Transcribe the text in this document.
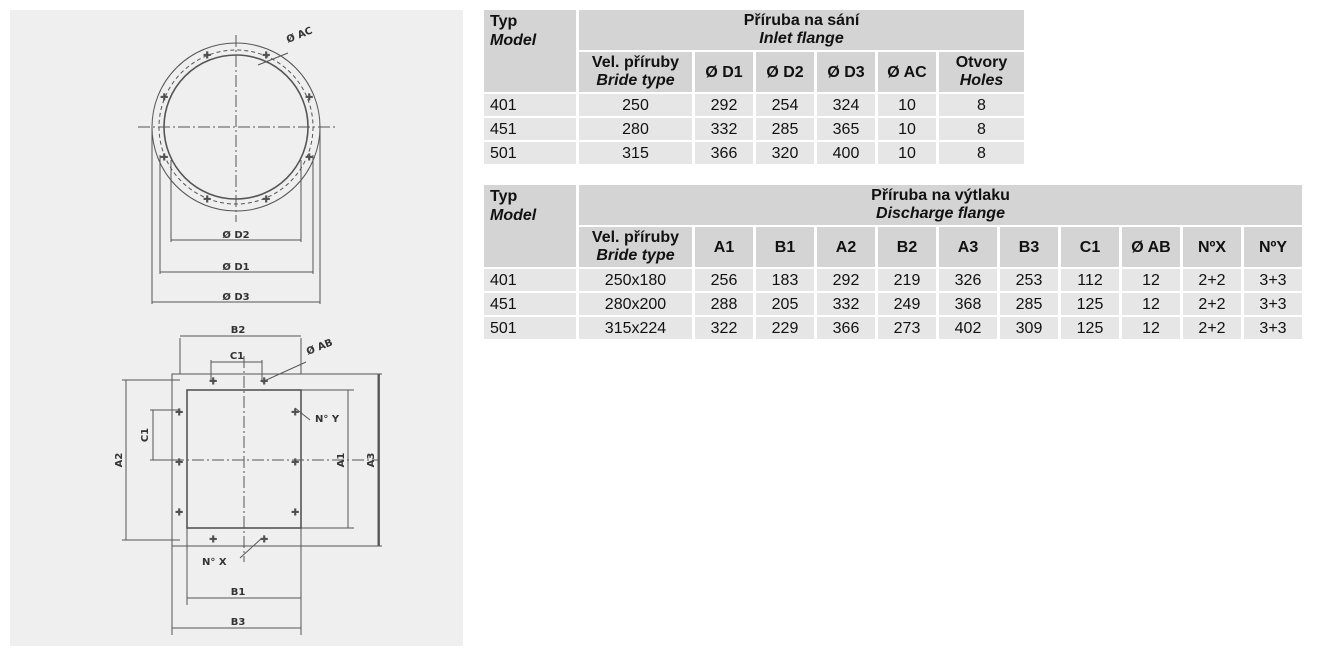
+	+
+	+
+	+
+	+
+	+
+	+
+	+
+	+
+	+
Ø AC
Ø D2
Ø D1
Ø D3
B2
C1	Ø AB
N° Y
C1
A2	A1 A3
N° X
B1
B3
Typ
Model	Příruba na sání
Inlet flange					

	Vel. příruby
Bride type	Ø D1	Ø D2	Ø D3	Ø AC	Otvory
Holes

401	250	292	254	324	10	8
451	280	332	285	365	10	8
501	315	366	320	400	10	8
Typ
Model	Příruba na výtlaku
Discharge flange										

	Vel. příruby
Bride type	A1	B1	A2	B2	A3	B3	C1	Ø AB	NºX	NºY
401	250x180	256	183	292	219	326	253	112	12	2+2	3+3
451	280x200	288	205	332	249	368	285	125	12	2+2	3+3
501	315x224	322	229	366	273	402	309	125	12	2+2	3+3
